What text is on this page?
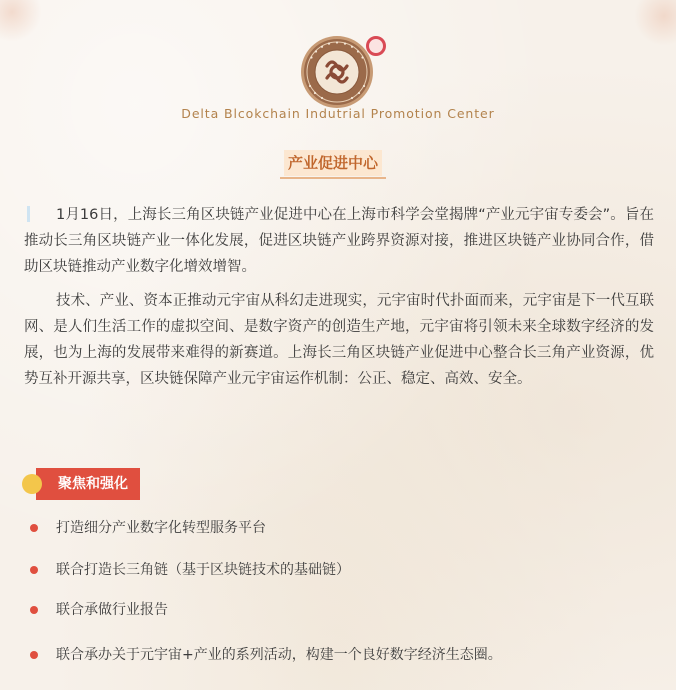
Delta Blcokchain Indutrial Promotion Center
产业促进中心

1月16日，上海长三角区块链产业促进中心在上海市科学会堂揭牌“产业元宇宙专委会”。旨在推动长三角区块链产业一体化发展，促进区块链产业跨界资源对接，推进区块链产业协同合作，借助区块链推动产业数字化增效增智。

技术、产业、资本正推动元宇宙从科幻走进现实，元宇宙时代扑面而来，元宇宙是下一代互联网、是人们生活工作的虚拟空间、是数字资产的创造生产地，元宇宙将引领未来全球数字经济的发展，也为上海的发展带来难得的新赛道。上海长三角区块链产业促进中心整合长三角产业资源，优势互补开源共享，区块链保障产业元宇宙运作机制：公正、稳定、高效、安全。

聚焦和强化
打造细分产业数字化转型服务平台
联合打造长三角链（基于区块链技术的基础链）
联合承做行业报告
联合承办关于元宇宙+产业的系列活动，构建一个良好数字经济生态圈。
